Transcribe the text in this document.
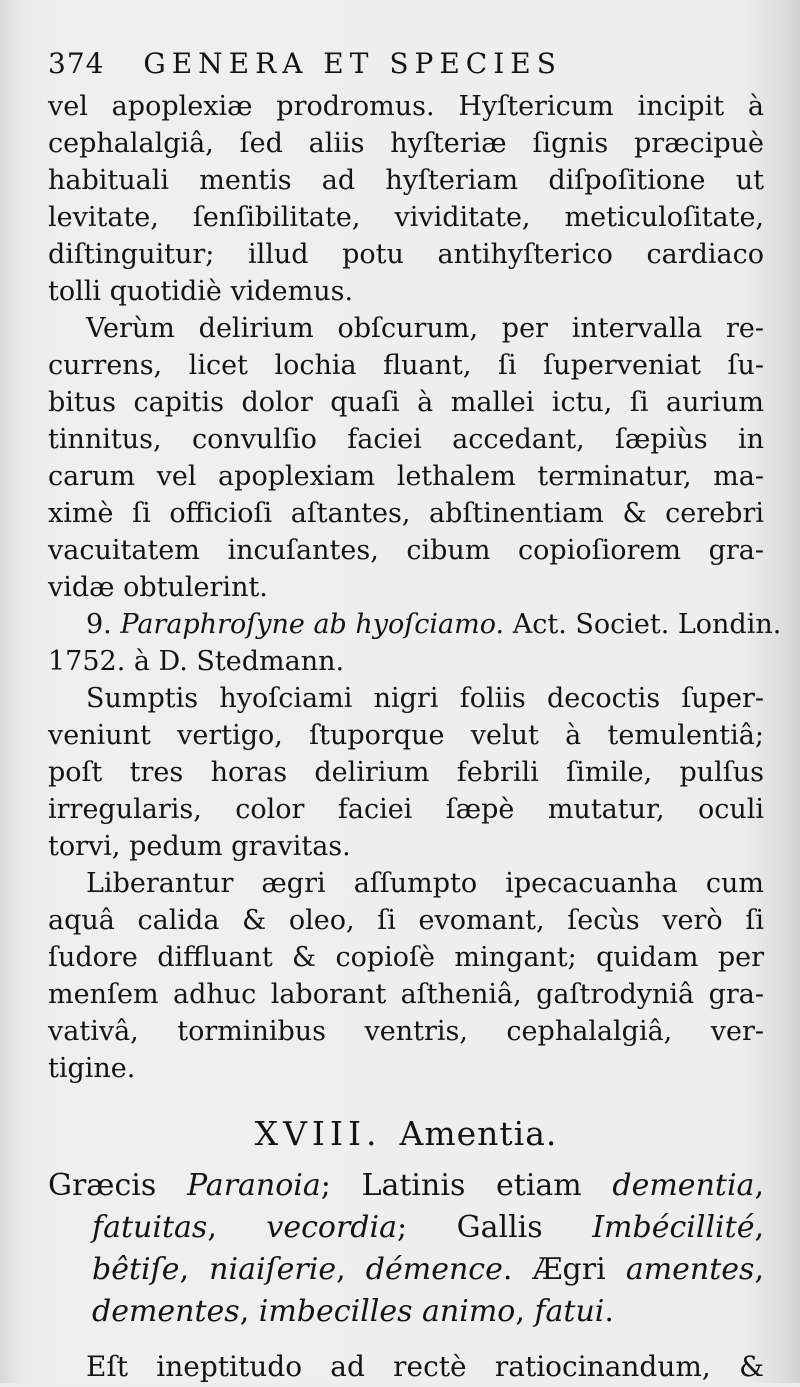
374 GENERA ET SPECIES
vel apoplexiæ prodromus. Hyſtericum incipit à
cephalalgiâ, ſed aliis hyſteriæ ſignis præcipuè
habituali mentis ad hyſteriam diſpoſitione ut
levitate, ſenſibilitate, vividitate, meticuloſitate,
diſtinguitur; illud potu antihyſterico cardiaco
tolli quotidiè videmus.
Verùm delirium obſcurum, per intervalla re-
currens, licet lochia fluant, ſi ſuperveniat ſu-
bitus capitis dolor quaſi à mallei ictu, ſi aurium
tinnitus, convulſio faciei accedant, ſæpiùs in
carum vel apoplexiam lethalem terminatur, ma-
ximè ſi officioſi aſtantes, abſtinentiam & cerebri
vacuitatem incuſantes, cibum copioſiorem gra-
vidæ obtulerint.
9. Paraphroſyne ab hyoſciamo. Act. Societ. Londin.
1752. à D. Stedmann.
Sumptis hyoſciami nigri foliis decoctis ſuper-
veniunt vertigo, ſtuporque velut à temulentiâ;
poſt tres horas delirium febrili ſimile, pulſus
irregularis, color faciei ſæpè mutatur, oculi
torvi, pedum gravitas.
Liberantur ægri aſſumpto ipecacuanha cum
aquâ calida & oleo, ſi evomant, ſecùs verò ſi
ſudore diffluant & copioſè mingant; quidam per
menſem adhuc laborant aſtheniâ, gaſtrodyniâ gra-
vativâ, torminibus ventris, cephalalgiâ, ver-
tigine.
XVIII. Amentia.
Græcis Paranoia; Latinis etiam dementia,
fatuitas, vecordia; Gallis Imbécillité,
bêtiſe, niaiſerie, démence. Ægri amentes,
dementes, imbecilles animo, fatui.
Eſt ineptitudo ad rectè ratiocinandum, &
